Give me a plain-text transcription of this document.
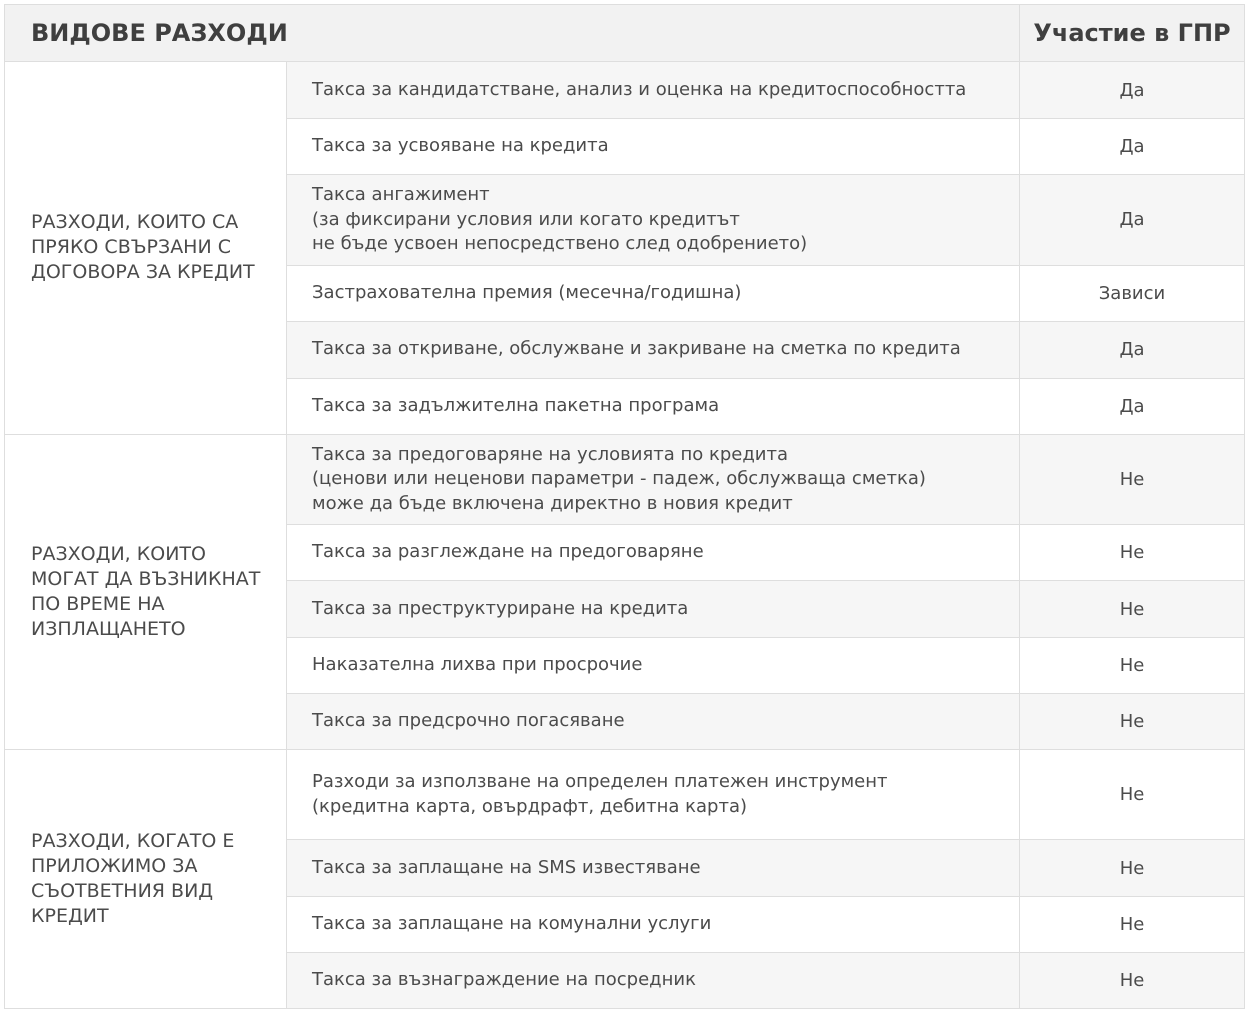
ВИДОВЕ РАЗХОДИ		Участие в ГПР
РАЗХОДИ, КОИТО СА ПРЯКО СВЪРЗАНИ С ДОГОВОРА ЗА КРЕДИТ	Такса за кандидатстване, анализ и оценка на кредитоспособността	Да
	Такса за усвояване на кредита	Да
	Такса ангажимент
(за фиксирани условия или когато кредитът
не бъде усвоен непосредствено след одобрението)	Да
	Застрахователна премия (месечна/годишна)	Зависи
	Такса за откриване, обслужване и закриване на сметка по кредита	Да
	Такса за задължителна пакетна програма	Да
РАЗХОДИ, КОИТО МОГАТ ДА ВЪЗНИКНАТ ПО ВРЕМЕ НА ИЗПЛАЩАНЕТО	Такса за предоговаряне на условията по кредита
(ценови или неценови параметри - падеж, обслужваща сметка)
може да бъде включена директно в новия кредит	Не
	Такса за разглеждане на предоговаряне	Не
	Такса за преструктуриране на кредита	Не
	Наказателна лихва при просрочие	Не
	Такса за предсрочно погасяване	Не
РАЗХОДИ, КОГАТО Е ПРИЛОЖИМО ЗА СЪОТВЕТНИЯ ВИД КРЕДИТ	Разходи за използване на определен платежен инструмент
(кредитна карта, овърдрафт, дебитна карта)	Не
	Такса за заплащане на SMS известяване	Не
	Такса за заплащане на комунални услуги	Не
	Такса за възнаграждение на посредник	Не
